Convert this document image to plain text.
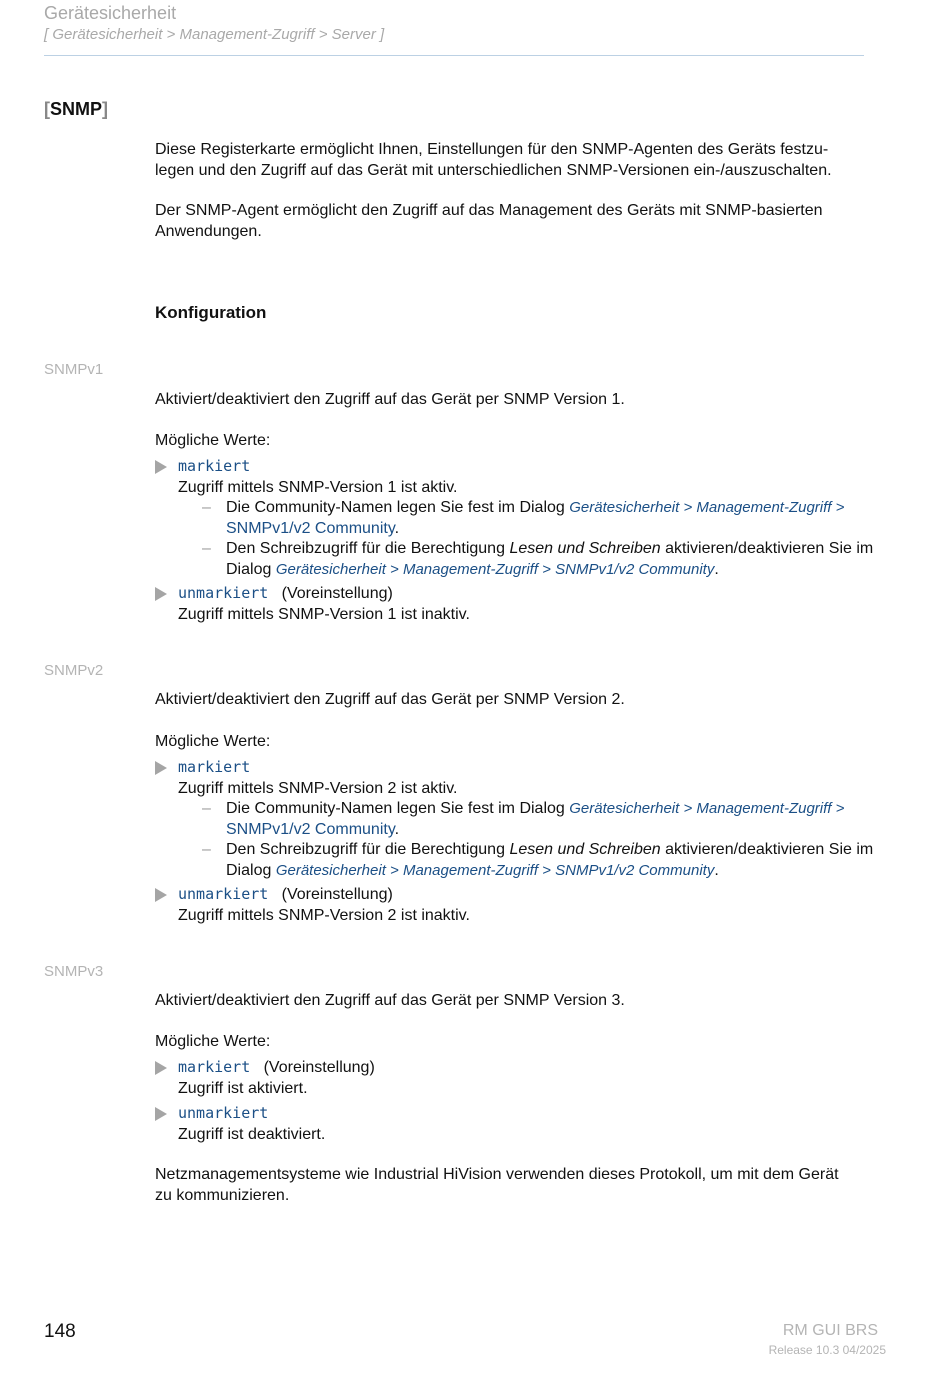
Gerätesicherheit
[ Gerätesicherheit > Management-Zugriff > Server ]
[SNMP]
Diese Registerkarte ermöglicht Ihnen, Einstellungen für den SNMP-Agenten des Geräts festzu-
legen und den Zugriff auf das Gerät mit unterschiedlichen SNMP-Versionen ein-/auszuschalten.
Der SNMP-Agent ermöglicht den Zugriff auf das Management des Geräts mit SNMP-basierten
Anwendungen.
Konfiguration
SNMPv1
Aktiviert/deaktiviert den Zugriff auf das Gerät per SNMP Version 1.
Mögliche Werte:
markiert
Zugriff mittels SNMP-Version 1 ist aktiv.
– Die Community-Namen legen Sie fest im Dialog Gerätesicherheit > Management-Zugriff >
SNMPv1/v2 Community.
– Den Schreibzugriff für die Berechtigung Lesen und Schreiben aktivieren/deaktivieren Sie im
Dialog Gerätesicherheit > Management-Zugriff > SNMPv1/v2 Community.
unmarkiert (Voreinstellung)
Zugriff mittels SNMP-Version 1 ist inaktiv.
SNMPv2
Aktiviert/deaktiviert den Zugriff auf das Gerät per SNMP Version 2.
Mögliche Werte:
markiert
Zugriff mittels SNMP-Version 2 ist aktiv.
– Die Community-Namen legen Sie fest im Dialog Gerätesicherheit > Management-Zugriff >
SNMPv1/v2 Community.
– Den Schreibzugriff für die Berechtigung Lesen und Schreiben aktivieren/deaktivieren Sie im
Dialog Gerätesicherheit > Management-Zugriff > SNMPv1/v2 Community.
unmarkiert (Voreinstellung)
Zugriff mittels SNMP-Version 2 ist inaktiv.
SNMPv3
Aktiviert/deaktiviert den Zugriff auf das Gerät per SNMP Version 3.
Mögliche Werte:
markiert (Voreinstellung)
Zugriff ist aktiviert.
unmarkiert
Zugriff ist deaktiviert.
Netzmanagementsysteme wie Industrial HiVision verwenden dieses Protokoll, um mit dem Gerät
zu kommunizieren.
148	RM GUI BRS
Release 10.3 04/2025
